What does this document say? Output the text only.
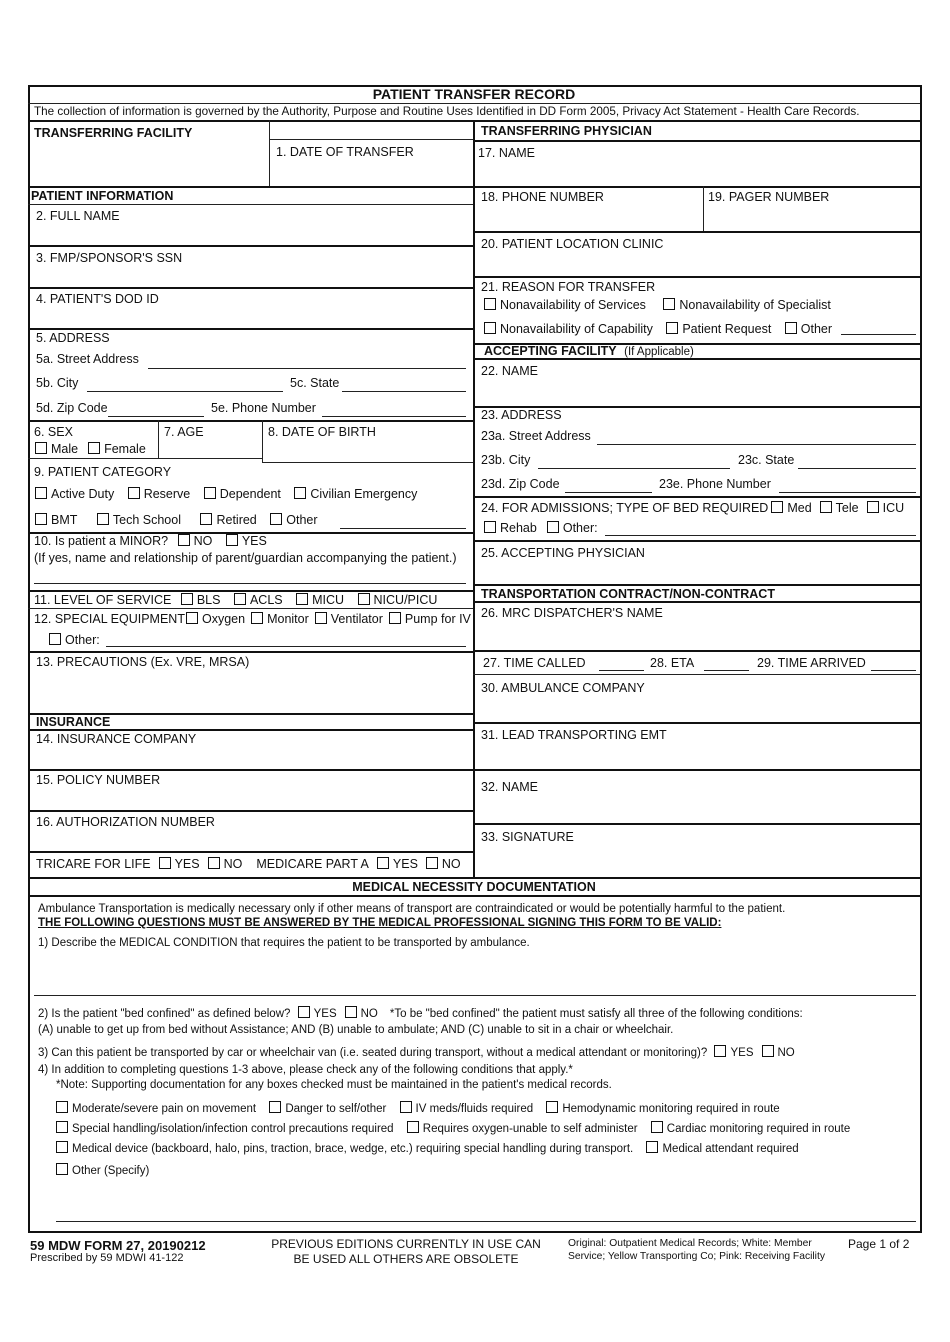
PATIENT TRANSFER RECORD
The collection of information is governed by the Authority, Purpose and Routine Uses Identified in DD Form 2005, Privacy Act Statement - Health Care Records.
TRANSFERRING FACILITY
1. DATE OF TRANSFER
PATIENT INFORMATION
2. FULL NAME
3. FMP/SPONSOR'S SSN
4. PATIENT'S DOD ID
5. ADDRESS
5a. Street Address
5b. City	5c. State
5d. Zip Code	5e. Phone Number
6. SEX
Male Female
7. AGE	8. DATE OF BIRTH
9. PATIENT CATEGORY
Active Duty Reserve Dependent Civilian Emergency
BMT	Tech School	Retired Other
10. Is patient a MINOR? NO YES
(If yes, name and relationship of parent/guardian accompanying the patient.)
11. LEVEL OF SERVICE BLS ACLS MICU NICU/PICU
12. SPECIAL EQUIPMENT Oxygen Monitor Ventilator Pump for IV
Other:
13. PRECAUTIONS (Ex. VRE, MRSA)
INSURANCE
14. INSURANCE COMPANY
15. POLICY NUMBER
16. AUTHORIZATION NUMBER
TRICARE FOR LIFE YES NO MEDICARE PART A YES NO
TRANSFERRING PHYSICIAN
17. NAME
18. PHONE NUMBER	19. PAGER NUMBER
20. PATIENT LOCATION CLINIC
21. REASON FOR TRANSFER
Nonavailability of Services	Nonavailability of Specialist
Nonavailability of Capability Patient Request Other
ACCEPTING FACILITY (If Applicable)
22. NAME
23. ADDRESS
23a. Street Address
23b. City	23c. State
23d. Zip Code	23e. Phone Number
24. FOR ADMISSIONS; TYPE OF BED REQUIRED Med Tele ICU
Rehab Other:
25. ACCEPTING PHYSICIAN
TRANSPORTATION CONTRACT/NON-CONTRACT
26. MRC DISPATCHER'S NAME
27. TIME CALLED	28. ETA	29. TIME ARRIVED
30. AMBULANCE COMPANY
31. LEAD TRANSPORTING EMT
32. NAME
33. SIGNATURE
MEDICAL NECESSITY DOCUMENTATION
Ambulance Transportation is medically necessary only if other means of transport are contraindicated or would be potentially harmful to the patient.
THE FOLLOWING QUESTIONS MUST BE ANSWERED BY THE MEDICAL PROFESSIONAL SIGNING THIS FORM TO BE VALID:
1) Describe the MEDICAL CONDITION that requires the patient to be transported by ambulance.
2) Is the patient "bed confined" as defined below? YES NO *To be "bed confined" the patient must satisfy all three of the following conditions:
(A) unable to get up from bed without Assistance; AND (B) unable to ambulate; AND (C) unable to sit in a chair or wheelchair.
3) Can this patient be transported by car or wheelchair van (i.e. seated during transport, without a medical attendant or monitoring)? YES NO
4) In addition to completing questions 1-3 above, please check any of the following conditions that apply.*
*Note: Supporting documentation for any boxes checked must be maintained in the patient's medical records.
Moderate/severe pain on movement	Danger to self/other	IV meds/fluids required	Hemodynamic monitoring required in route
Special handling/isolation/infection control precautions required	Requires oxygen-unable to self administer	Cardiac monitoring required in route
Medical device (backboard, halo, pins, traction, brace, wedge, etc.) requiring special handling during transport.	Medical attendant required
Other (Specify)
59 MDW FORM 27, 20190212
Prescribed by 59 MDWI 41-122
PREVIOUS EDITIONS CURRENTLY IN USE CAN
BE USED ALL OTHERS ARE OBSOLETE
Original: Outpatient Medical Records; White: Member
Service; Yellow Transporting Co; Pink: Receiving Facility
Page 1 of 2
